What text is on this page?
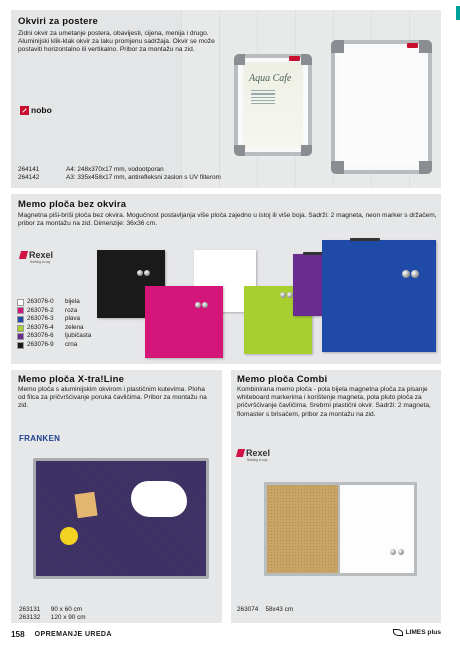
Okviri za postere

Zidni okvir za umetanje postera, obavijesti, cijena, menija i drugo. Aluminijski klik-klak okvir za laku promjenu sadržaja. Okvir se može postaviti horizontalno ili vertikalno. Pribor za montažu na zid.

nobo
Aqua Cafe
264141	A4: 248x370x17 mm, vodootporan
264142	A3: 335x458x17 mm, antirefleksni zaslon s UV filterom
Memo ploča bez okvira

Magnetna piši-briši ploča bez okvira. Mogućnost postavljanja više ploča zajedno u istoj ili više boja. Sadrži: 2 magneta, neon marker s držačem, pribor za montažu na zid. Dimenzije: 36x36 cm.

Rexel
Nothing to say
263076-0	bijela
263076-2	roza
263076-3	plava
263076-4	zelena
263076-6	ljubičasta
263076-9	crna
Memo ploča X-tra!Line

Memo ploča s aluminijskim okvirom i plastičnim kutevima. Ploha od filca za pričvršćivanje poruka čavličima. Pribor za montažu na zid.

FRANKEN
263131 90 x 60 cm
263132 120 x 90 cm
Memo ploča Combi

Kombinirana memo ploča - pola bijela magnetna ploča za pisanje whiteboard markerima i korištenje magneta, pola pluto ploča za pričvršćivanje čavličima. Srebrni plastični okvir. Sadrži: 2 magneta, flomaster s brisačem, pribor za montažu na zid.

Rexel
Nothing to say
263074 58x43 cm
158 OPREMANJE UREDA	LIMES plus
